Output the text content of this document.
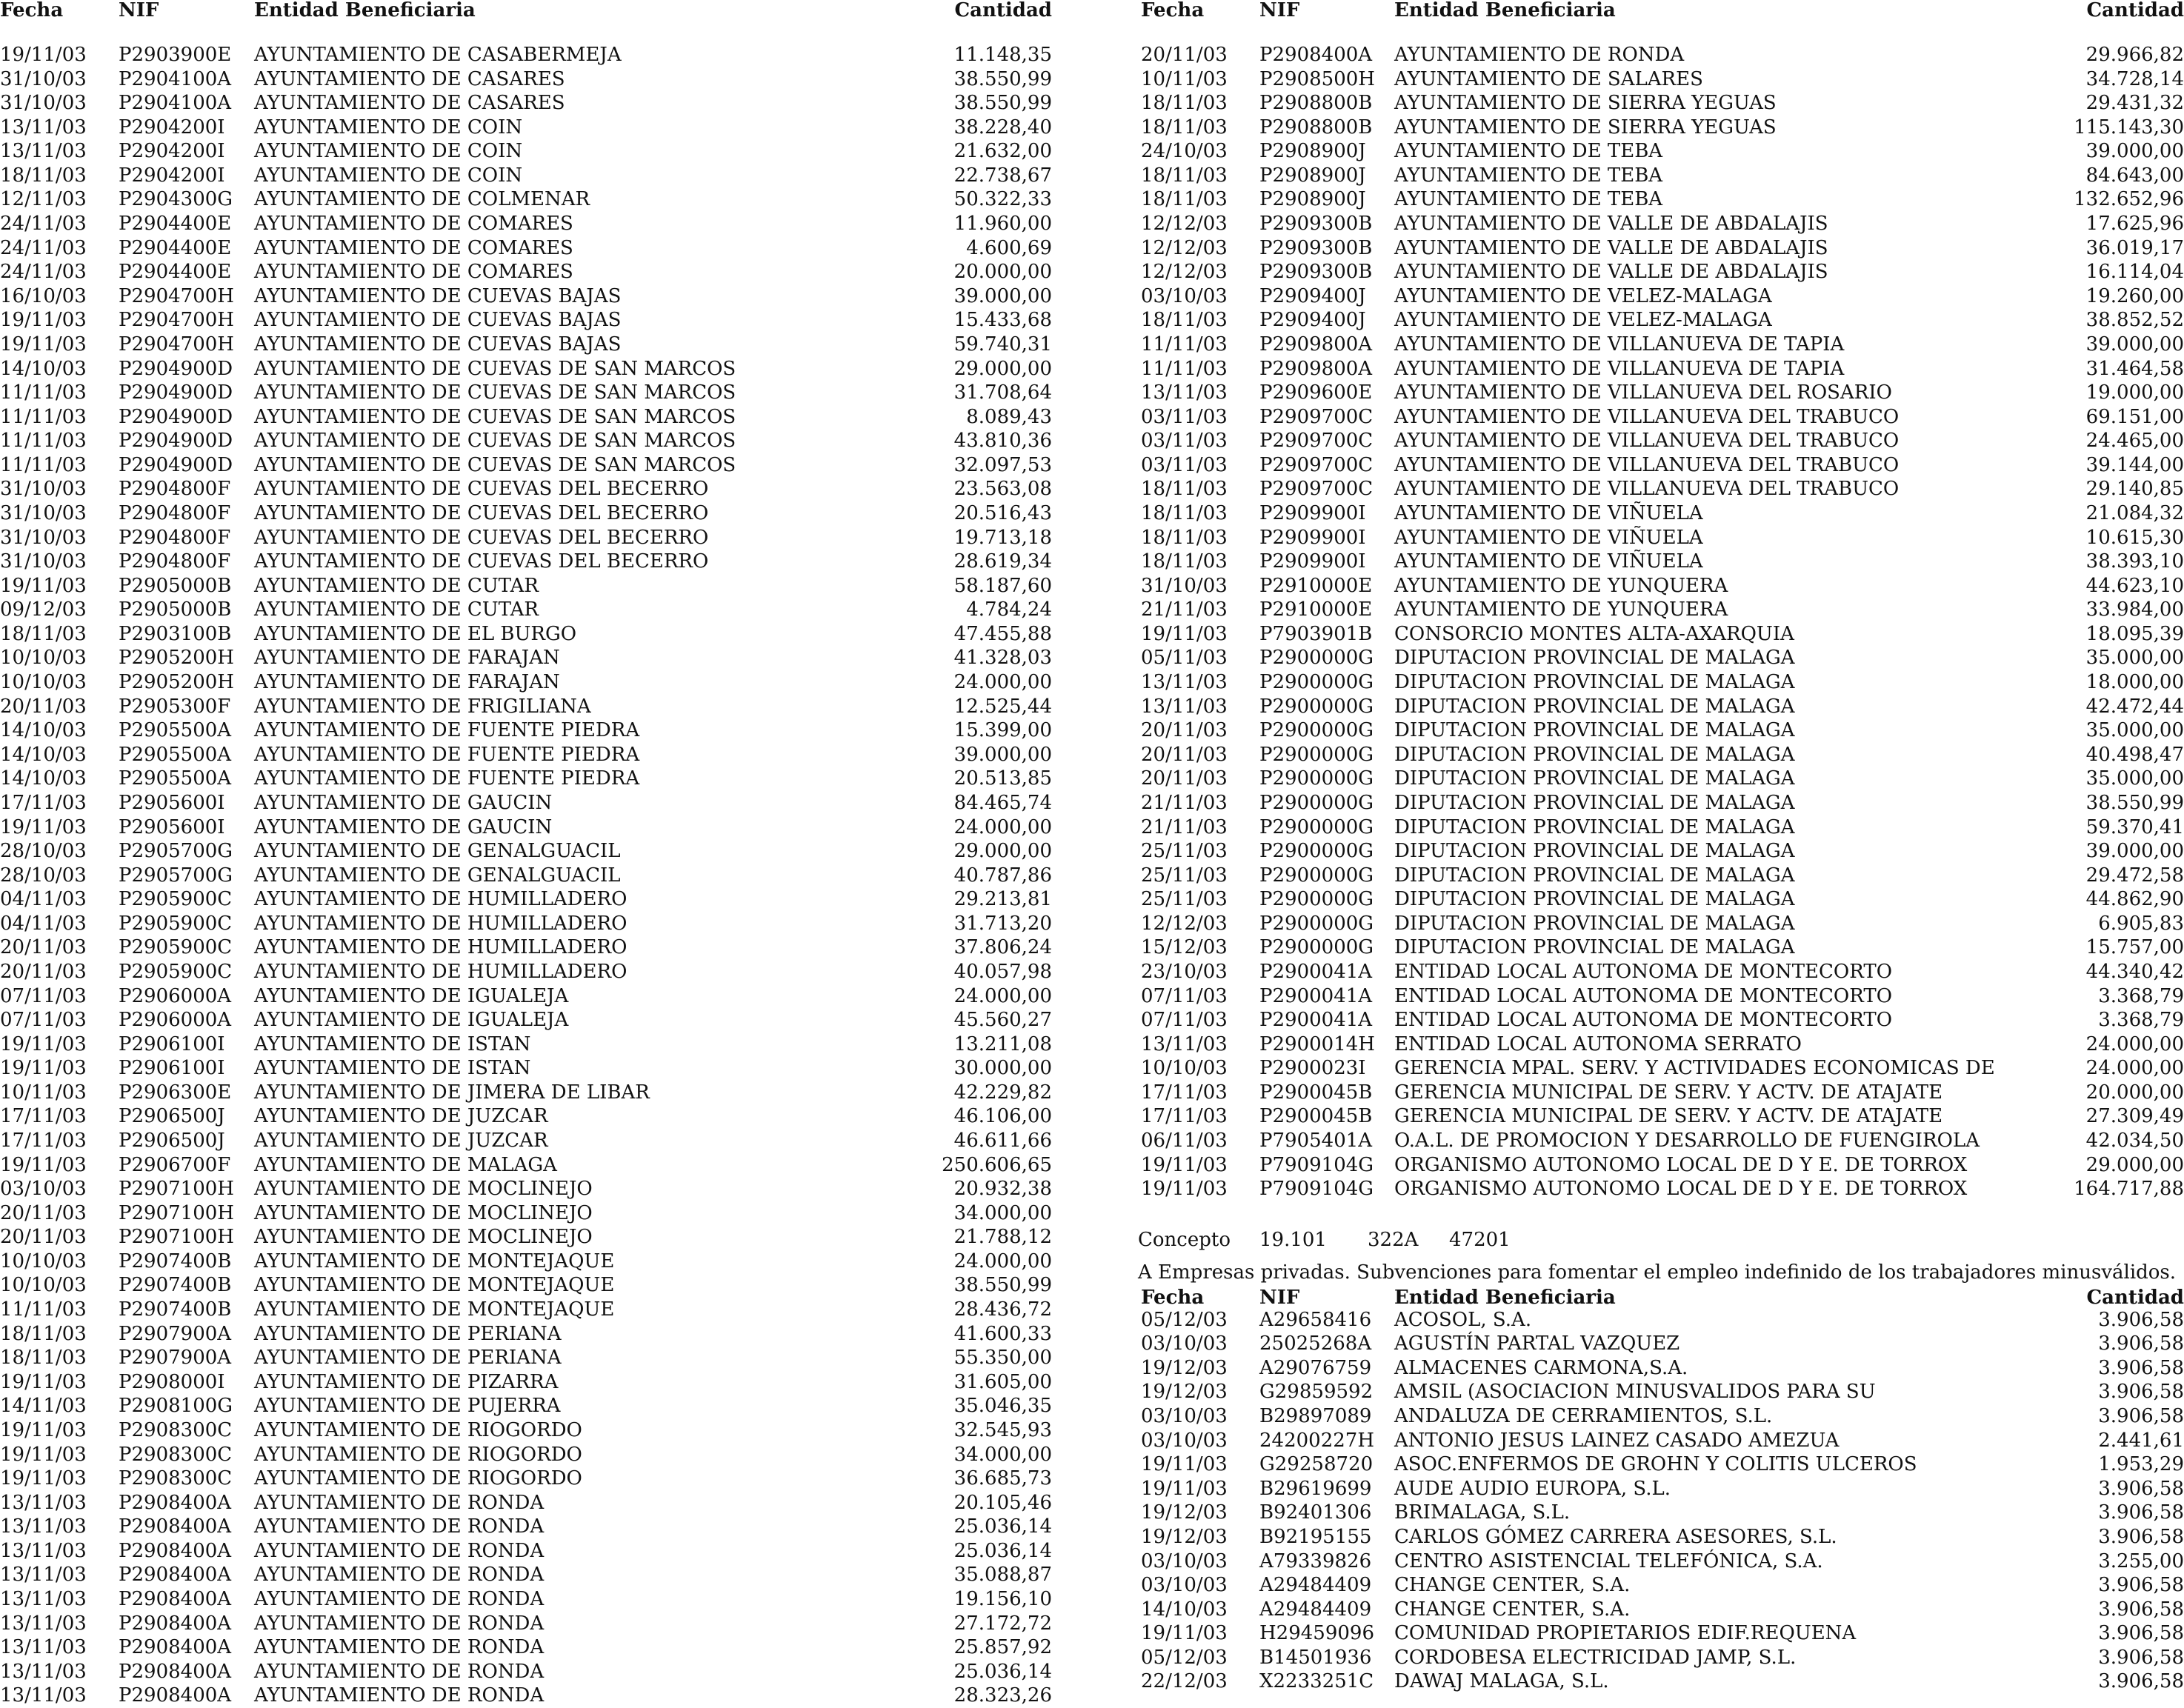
Fecha	NIF	Entidad Beneficiaria	Cantidad
19/11/03 P2903900E AYUNTAMIENTO DE CASABERMEJA	11.148,35
31/10/03 P2904100A AYUNTAMIENTO DE CASARES	38.550,99
31/10/03 P2904100A AYUNTAMIENTO DE CASARES	38.550,99
13/11/03 P2904200I AYUNTAMIENTO DE COIN	38.228,40
13/11/03 P2904200I AYUNTAMIENTO DE COIN	21.632,00
18/11/03 P2904200I AYUNTAMIENTO DE COIN	22.738,67
12/11/03 P2904300G AYUNTAMIENTO DE COLMENAR	50.322,33
24/11/03 P2904400E AYUNTAMIENTO DE COMARES	11.960,00
24/11/03 P2904400E AYUNTAMIENTO DE COMARES	4.600,69
24/11/03 P2904400E AYUNTAMIENTO DE COMARES	20.000,00
16/10/03 P2904700H AYUNTAMIENTO DE CUEVAS BAJAS	39.000,00
19/11/03 P2904700H AYUNTAMIENTO DE CUEVAS BAJAS	15.433,68
19/11/03 P2904700H AYUNTAMIENTO DE CUEVAS BAJAS	59.740,31
14/10/03 P2904900D AYUNTAMIENTO DE CUEVAS DE SAN MARCOS	29.000,00
11/11/03 P2904900D AYUNTAMIENTO DE CUEVAS DE SAN MARCOS	31.708,64
11/11/03 P2904900D AYUNTAMIENTO DE CUEVAS DE SAN MARCOS	8.089,43
11/11/03 P2904900D AYUNTAMIENTO DE CUEVAS DE SAN MARCOS	43.810,36
11/11/03 P2904900D AYUNTAMIENTO DE CUEVAS DE SAN MARCOS	32.097,53
31/10/03 P2904800F AYUNTAMIENTO DE CUEVAS DEL BECERRO	23.563,08
31/10/03 P2904800F AYUNTAMIENTO DE CUEVAS DEL BECERRO	20.516,43
31/10/03 P2904800F AYUNTAMIENTO DE CUEVAS DEL BECERRO	19.713,18
31/10/03 P2904800F AYUNTAMIENTO DE CUEVAS DEL BECERRO	28.619,34
19/11/03 P2905000B AYUNTAMIENTO DE CUTAR	58.187,60
09/12/03 P2905000B AYUNTAMIENTO DE CUTAR	4.784,24
18/11/03 P2903100B AYUNTAMIENTO DE EL BURGO	47.455,88
10/10/03 P2905200H AYUNTAMIENTO DE FARAJAN	41.328,03
10/10/03 P2905200H AYUNTAMIENTO DE FARAJAN	24.000,00
20/11/03 P2905300F AYUNTAMIENTO DE FRIGILIANA	12.525,44
14/10/03 P2905500A AYUNTAMIENTO DE FUENTE PIEDRA	15.399,00
14/10/03 P2905500A AYUNTAMIENTO DE FUENTE PIEDRA	39.000,00
14/10/03 P2905500A AYUNTAMIENTO DE FUENTE PIEDRA	20.513,85
17/11/03 P2905600I AYUNTAMIENTO DE GAUCIN	84.465,74
19/11/03 P2905600I AYUNTAMIENTO DE GAUCIN	24.000,00
28/10/03 P2905700G AYUNTAMIENTO DE GENALGUACIL	29.000,00
28/10/03 P2905700G AYUNTAMIENTO DE GENALGUACIL	40.787,86
04/11/03 P2905900C AYUNTAMIENTO DE HUMILLADERO	29.213,81
04/11/03 P2905900C AYUNTAMIENTO DE HUMILLADERO	31.713,20
20/11/03 P2905900C AYUNTAMIENTO DE HUMILLADERO	37.806,24
20/11/03 P2905900C AYUNTAMIENTO DE HUMILLADERO	40.057,98
07/11/03 P2906000A AYUNTAMIENTO DE IGUALEJA	24.000,00
07/11/03 P2906000A AYUNTAMIENTO DE IGUALEJA	45.560,27
19/11/03 P2906100I AYUNTAMIENTO DE ISTAN	13.211,08
19/11/03 P2906100I AYUNTAMIENTO DE ISTAN	30.000,00
10/11/03 P2906300E AYUNTAMIENTO DE JIMERA DE LIBAR	42.229,82
17/11/03 P2906500J AYUNTAMIENTO DE JUZCAR	46.106,00
17/11/03 P2906500J AYUNTAMIENTO DE JUZCAR	46.611,66
19/11/03 P2906700F AYUNTAMIENTO DE MALAGA	250.606,65
03/10/03 P2907100H AYUNTAMIENTO DE MOCLINEJO	20.932,38
20/11/03 P2907100H AYUNTAMIENTO DE MOCLINEJO	34.000,00
20/11/03 P2907100H AYUNTAMIENTO DE MOCLINEJO	21.788,12
10/10/03 P2907400B AYUNTAMIENTO DE MONTEJAQUE	24.000,00
10/10/03 P2907400B AYUNTAMIENTO DE MONTEJAQUE	38.550,99
11/11/03 P2907400B AYUNTAMIENTO DE MONTEJAQUE	28.436,72
18/11/03 P2907900A AYUNTAMIENTO DE PERIANA	41.600,33
18/11/03 P2907900A AYUNTAMIENTO DE PERIANA	55.350,00
19/11/03 P2908000I AYUNTAMIENTO DE PIZARRA	31.605,00
14/11/03 P2908100G AYUNTAMIENTO DE PUJERRA	35.046,35
19/11/03 P2908300C AYUNTAMIENTO DE RIOGORDO	32.545,93
19/11/03 P2908300C AYUNTAMIENTO DE RIOGORDO	34.000,00
19/11/03 P2908300C AYUNTAMIENTO DE RIOGORDO	36.685,73
13/11/03 P2908400A AYUNTAMIENTO DE RONDA	20.105,46
13/11/03 P2908400A AYUNTAMIENTO DE RONDA	25.036,14
13/11/03 P2908400A AYUNTAMIENTO DE RONDA	25.036,14
13/11/03 P2908400A AYUNTAMIENTO DE RONDA	35.088,87
13/11/03 P2908400A AYUNTAMIENTO DE RONDA	19.156,10
13/11/03 P2908400A AYUNTAMIENTO DE RONDA	27.172,72
13/11/03 P2908400A AYUNTAMIENTO DE RONDA	25.857,92
13/11/03 P2908400A AYUNTAMIENTO DE RONDA	25.036,14
13/11/03 P2908400A AYUNTAMIENTO DE RONDA	28.323,26
Fecha	NIF	Entidad Beneficiaria	Cantidad
20/11/03 P2908400A AYUNTAMIENTO DE RONDA	29.966,82
10/11/03 P2908500H AYUNTAMIENTO DE SALARES	34.728,14
18/11/03 P2908800B AYUNTAMIENTO DE SIERRA YEGUAS	29.431,32
18/11/03 P2908800B AYUNTAMIENTO DE SIERRA YEGUAS	115.143,30
24/10/03 P2908900J AYUNTAMIENTO DE TEBA	39.000,00
18/11/03 P2908900J AYUNTAMIENTO DE TEBA	84.643,00
18/11/03 P2908900J AYUNTAMIENTO DE TEBA	132.652,96
12/12/03 P2909300B AYUNTAMIENTO DE VALLE DE ABDALAJIS	17.625,96
12/12/03 P2909300B AYUNTAMIENTO DE VALLE DE ABDALAJIS	36.019,17
12/12/03 P2909300B AYUNTAMIENTO DE VALLE DE ABDALAJIS	16.114,04
03/10/03 P2909400J AYUNTAMIENTO DE VELEZ-MALAGA	19.260,00
18/11/03 P2909400J AYUNTAMIENTO DE VELEZ-MALAGA	38.852,52
11/11/03 P2909800A AYUNTAMIENTO DE VILLANUEVA DE TAPIA	39.000,00
11/11/03 P2909800A AYUNTAMIENTO DE VILLANUEVA DE TAPIA	31.464,58
13/11/03 P2909600E AYUNTAMIENTO DE VILLANUEVA DEL ROSARIO	19.000,00
03/11/03 P2909700C AYUNTAMIENTO DE VILLANUEVA DEL TRABUCO	69.151,00
03/11/03 P2909700C AYUNTAMIENTO DE VILLANUEVA DEL TRABUCO	24.465,00
03/11/03 P2909700C AYUNTAMIENTO DE VILLANUEVA DEL TRABUCO	39.144,00
18/11/03 P2909700C AYUNTAMIENTO DE VILLANUEVA DEL TRABUCO	29.140,85
18/11/03 P2909900I AYUNTAMIENTO DE VIÑUELA	21.084,32
18/11/03 P2909900I AYUNTAMIENTO DE VIÑUELA	10.615,30
18/11/03 P2909900I AYUNTAMIENTO DE VIÑUELA	38.393,10
31/10/03 P2910000E AYUNTAMIENTO DE YUNQUERA	44.623,10
21/11/03 P2910000E AYUNTAMIENTO DE YUNQUERA	33.984,00
19/11/03 P7903901B CONSORCIO MONTES ALTA-AXARQUIA	18.095,39
05/11/03 P2900000G DIPUTACION PROVINCIAL DE MALAGA	35.000,00
13/11/03 P2900000G DIPUTACION PROVINCIAL DE MALAGA	18.000,00
13/11/03 P2900000G DIPUTACION PROVINCIAL DE MALAGA	42.472,44
20/11/03 P2900000G DIPUTACION PROVINCIAL DE MALAGA	35.000,00
20/11/03 P2900000G DIPUTACION PROVINCIAL DE MALAGA	40.498,47
20/11/03 P2900000G DIPUTACION PROVINCIAL DE MALAGA	35.000,00
21/11/03 P2900000G DIPUTACION PROVINCIAL DE MALAGA	38.550,99
21/11/03 P2900000G DIPUTACION PROVINCIAL DE MALAGA	59.370,41
25/11/03 P2900000G DIPUTACION PROVINCIAL DE MALAGA	39.000,00
25/11/03 P2900000G DIPUTACION PROVINCIAL DE MALAGA	29.472,58
25/11/03 P2900000G DIPUTACION PROVINCIAL DE MALAGA	44.862,90
12/12/03 P2900000G DIPUTACION PROVINCIAL DE MALAGA	6.905,83
15/12/03 P2900000G DIPUTACION PROVINCIAL DE MALAGA	15.757,00
23/10/03 P2900041A ENTIDAD LOCAL AUTONOMA DE MONTECORTO	44.340,42
07/11/03 P2900041A ENTIDAD LOCAL AUTONOMA DE MONTECORTO	3.368,79
07/11/03 P2900041A ENTIDAD LOCAL AUTONOMA DE MONTECORTO	3.368,79
13/11/03 P2900014H ENTIDAD LOCAL AUTONOMA SERRATO	24.000,00
10/10/03 P2900023I GERENCIA MPAL. SERV. Y ACTIVIDADES ECONOMICAS DE	24.000,00
17/11/03 P2900045B GERENCIA MUNICIPAL DE SERV. Y ACTV. DE ATAJATE	20.000,00
17/11/03 P2900045B GERENCIA MUNICIPAL DE SERV. Y ACTV. DE ATAJATE	27.309,49
06/11/03 P7905401A O.A.L. DE PROMOCION Y DESARROLLO DE FUENGIROLA	42.034,50
19/11/03 P7909104G ORGANISMO AUTONOMO LOCAL DE D Y E. DE TORROX	29.000,00
19/11/03 P7909104G ORGANISMO AUTONOMO LOCAL DE D Y E. DE TORROX	164.717,88
Concepto 19.101 322A 47201
A Empresas privadas. Subvenciones para fomentar el empleo indefinido de los trabajadores minusválidos.
Fecha	NIF	Entidad Beneficiaria	Cantidad
05/12/03 A29658416 ACOSOL, S.A.	3.906,58
03/10/03 25025268A AGUSTÍN PARTAL VAZQUEZ	3.906,58
19/12/03 A29076759 ALMACENES CARMONA,S.A.	3.906,58
19/12/03 G29859592 AMSIL (ASOCIACION MINUSVALIDOS PARA SU	3.906,58
03/10/03 B29897089 ANDALUZA DE CERRAMIENTOS, S.L.	3.906,58
03/10/03 24200227H ANTONIO JESUS LAINEZ CASADO AMEZUA	2.441,61
19/11/03 G29258720 ASOC.ENFERMOS DE GROHN Y COLITIS ULCEROS	1.953,29
19/11/03 B29619699 AUDE AUDIO EUROPA, S.L.	3.906,58
19/12/03 B92401306 BRIMALAGA, S.L.	3.906,58
19/12/03 B92195155 CARLOS GÓMEZ CARRERA ASESORES, S.L.	3.906,58
03/10/03 A79339826 CENTRO ASISTENCIAL TELEFÓNICA, S.A.	3.255,00
03/10/03 A29484409 CHANGE CENTER, S.A.	3.906,58
14/10/03 A29484409 CHANGE CENTER, S.A.	3.906,58
19/11/03 H29459096 COMUNIDAD PROPIETARIOS EDIF.REQUENA	3.906,58
05/12/03 B14501936 CORDOBESA ELECTRICIDAD JAMP, S.L.	3.906,58
22/12/03 X2233251C DAWAJ MALAGA, S.L.	3.906,58
